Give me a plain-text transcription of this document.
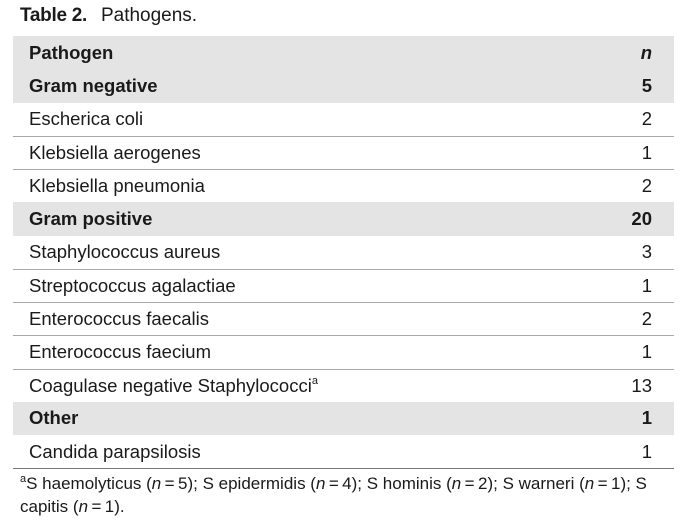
Table 2. Pathogens.
Pathogen	n
Gram negative	5
Escherica coli	2
Klebsiella aerogenes	1
Klebsiella pneumonia	2
Gram positive	20
Staphylococcus aureus	3
Streptococcus agalactiae	1
Enterococcus faecalis	2
Enterococcus faecium	1
Coagulase negative Staphylococci$^a$	13
Other	1
Candida parapsilosis	1
$^a$S haemolyticus (n = 5); S epidermidis (n = 4); S hominis (n = 2); S warneri (n = 1); S capitis (n = 1).
